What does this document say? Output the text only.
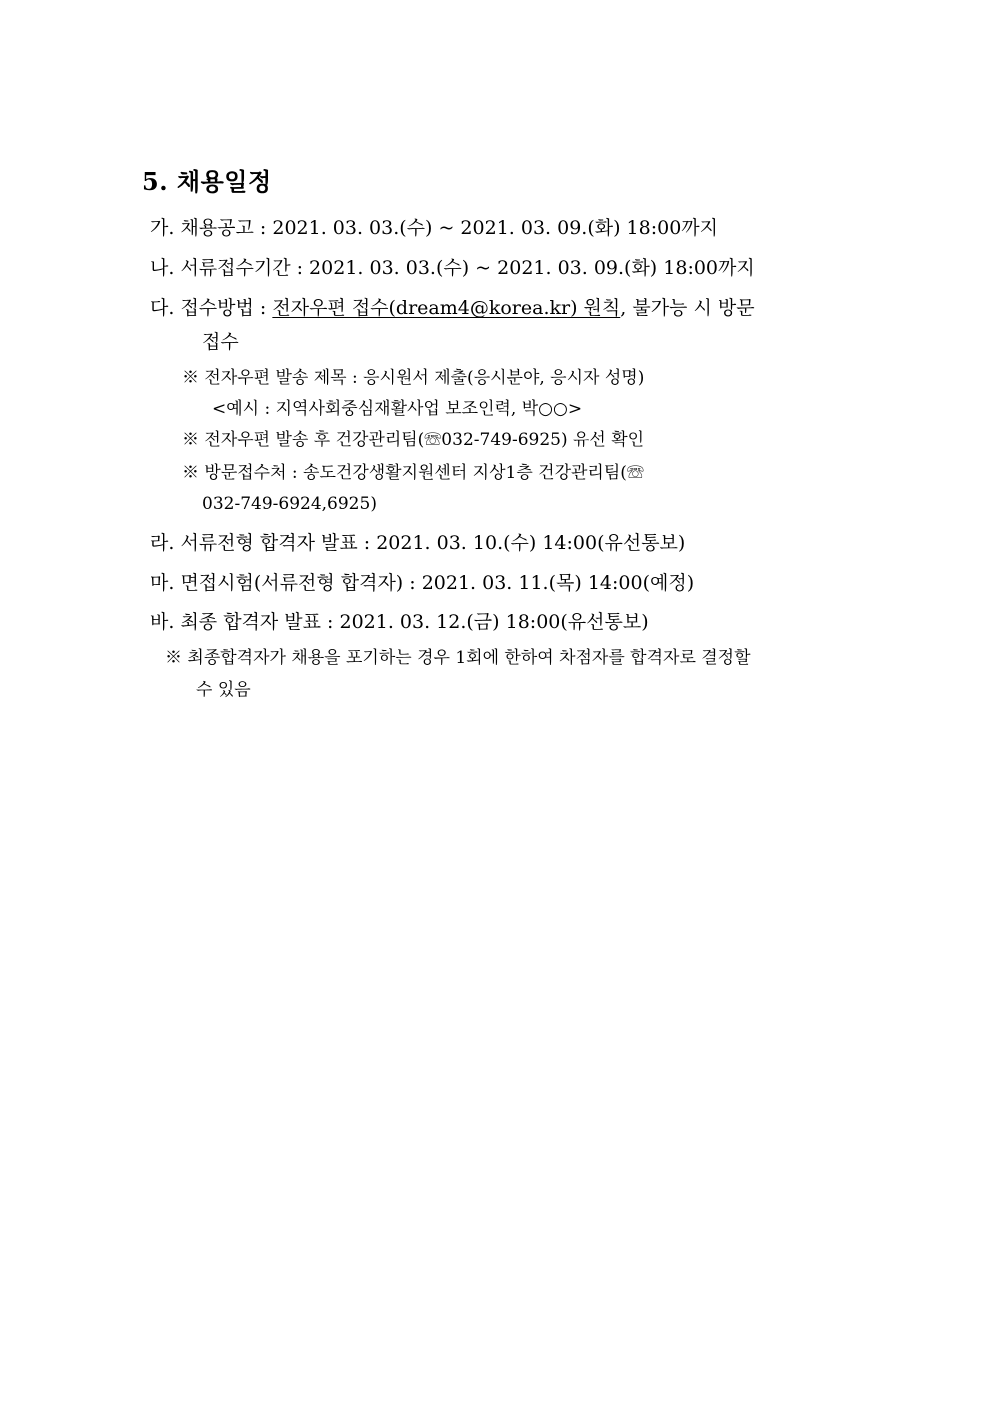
5. 채용일정
가. 채용공고 : 2021. 03. 03.(수) ~ 2021. 03. 09.(화) 18:00까지
나. 서류접수기간 : 2021. 03. 03.(수) ~ 2021. 03. 09.(화) 18:00까지
다. 접수방법 : 전자우편 접수(dream4@korea.kr) 원칙, 불가능 시 방문
접수
※ 전자우편 발송 제목 : 응시원서 제출(응시분야, 응시자 성명)
<예시 : 지역사회중심재활사업 보조인력, 박○○>
※ 전자우편 발송 후 건강관리팀(☏032-749-6925) 유선 확인
※ 방문접수처 : 송도건강생활지원센터 지상1층 건강관리팀(☏
032-749-6924,6925)
라. 서류전형 합격자 발표 : 2021. 03. 10.(수) 14:00(유선통보)
마. 면접시험(서류전형 합격자) : 2021. 03. 11.(목) 14:00(예정)
바. 최종 합격자 발표 : 2021. 03. 12.(금) 18:00(유선통보)
※ 최종합격자가 채용을 포기하는 경우 1회에 한하여 차점자를 합격자로 결정할
수 있음
